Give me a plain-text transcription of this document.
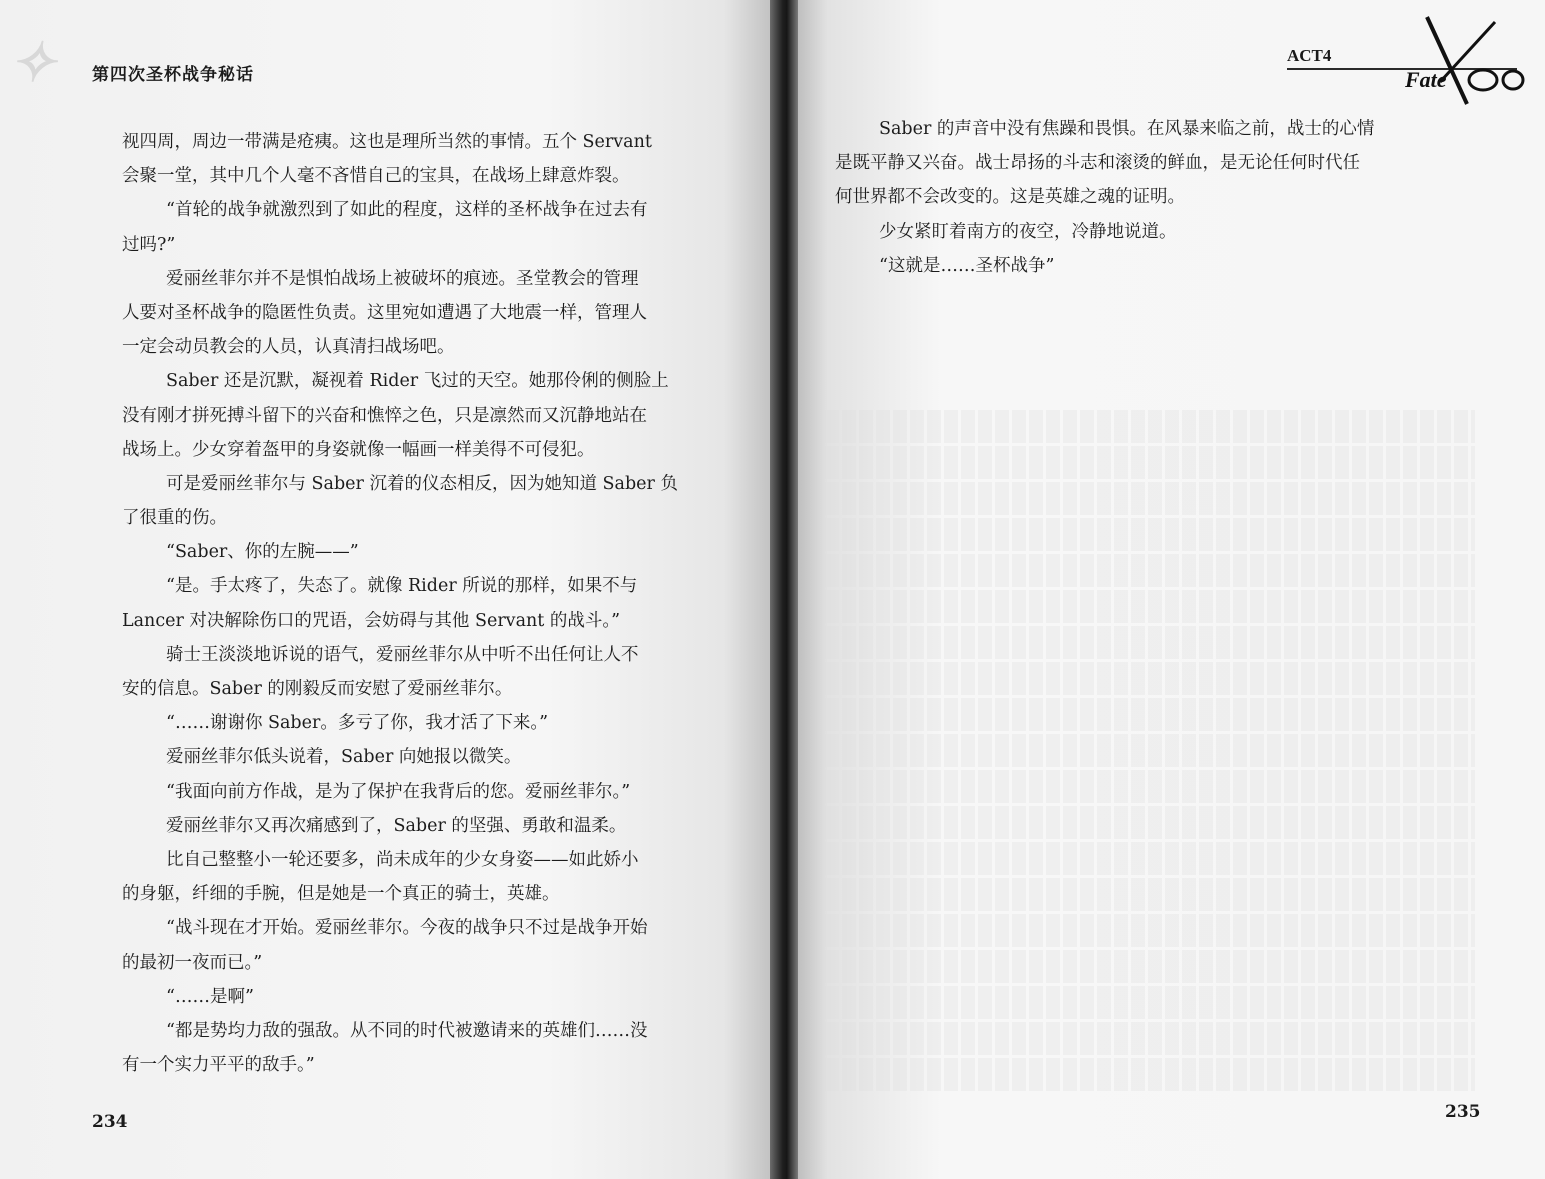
✧	第四次圣杯战争秘话

视四周，周边一带满是疮痍。这也是理所当然的事情。五个 Servant

会聚一堂，其中几个人毫不吝惜自己的宝具，在战场上肆意炸裂。

“首轮的战争就激烈到了如此的程度，这样的圣杯战争在过去有

过吗?”

爱丽丝菲尔并不是惧怕战场上被破坏的痕迹。圣堂教会的管理

人要对圣杯战争的隐匿性负责。这里宛如遭遇了大地震一样，管理人

一定会动员教会的人员，认真清扫战场吧。

Saber 还是沉默，凝视着 Rider 飞过的天空。她那伶俐的侧脸上

没有刚才拼死搏斗留下的兴奋和憔悴之色，只是凛然而又沉静地站在

战场上。少女穿着盔甲的身姿就像一幅画一样美得不可侵犯。

可是爱丽丝菲尔与 Saber 沉着的仪态相反，因为她知道 Saber 负

了很重的伤。

“Saber、你的左腕——”

“是。手太疼了，失态了。就像 Rider 所说的那样，如果不与

Lancer 对决解除伤口的咒语，会妨碍与其他 Servant 的战斗。”

骑士王淡淡地诉说的语气，爱丽丝菲尔从中听不出任何让人不

安的信息。Saber 的刚毅反而安慰了爱丽丝菲尔。

“……谢谢你 Saber。多亏了你，我才活了下来。”

爱丽丝菲尔低头说着，Saber 向她报以微笑。

“我面向前方作战，是为了保护在我背后的您。爱丽丝菲尔。”

爱丽丝菲尔又再次痛感到了，Saber 的坚强、勇敢和温柔。

比自己整整小一轮还要多，尚未成年的少女身姿——如此娇小

的身躯，纤细的手腕，但是她是一个真正的骑士，英雄。

“战斗现在才开始。爱丽丝菲尔。今夜的战争只不过是战争开始

的最初一夜而已。”

“……是啊”

“都是势均力敌的强敌。从不同的时代被邀请来的英雄们……没

有一个实力平平的敌手。”

234
ACT4
Fate

Saber 的声音中没有焦躁和畏惧。在风暴来临之前，战士的心情

是既平静又兴奋。战士昂扬的斗志和滚烫的鲜血，是无论任何时代任

何世界都不会改变的。这是英雄之魂的证明。

少女紧盯着南方的夜空，冷静地说道。

“这就是……圣杯战争”

235
